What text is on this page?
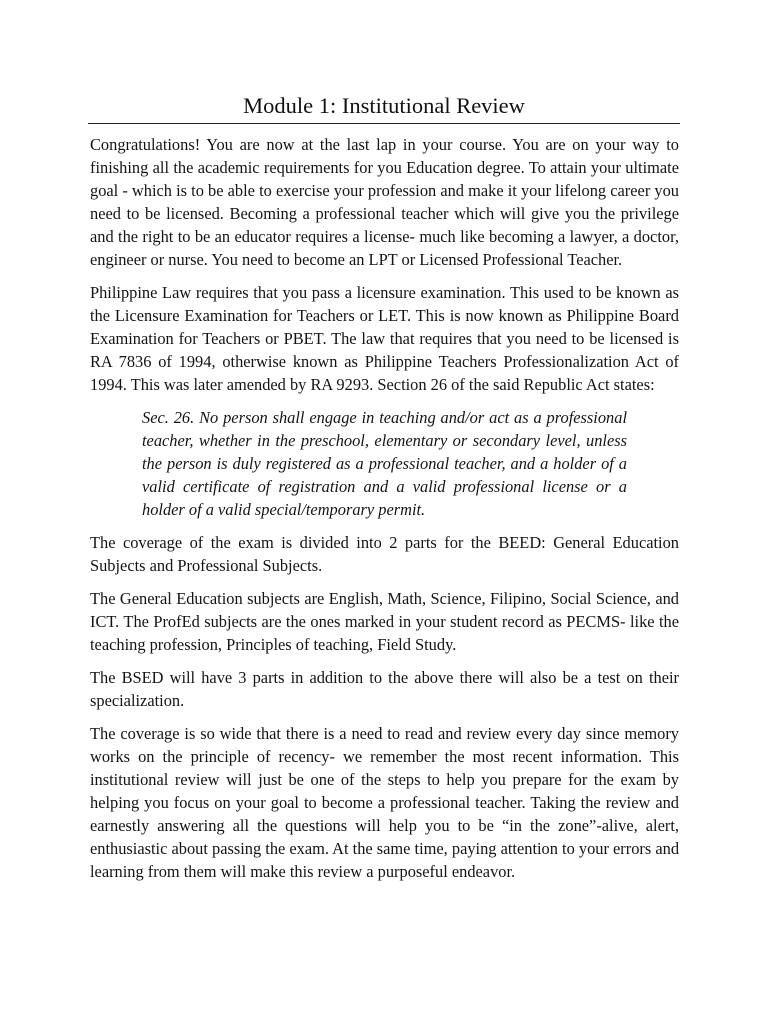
Module 1: Institutional Review

Congratulations! You are now at the last lap in your course. You are on your way to finishing all the academic requirements for you Education degree. To attain your ultimate goal - which is to be able to exercise your profession and make it your lifelong career you need to be licensed. Becoming a professional teacher which will give you the privilege and the right to be an educator requires a license- much like becoming a lawyer, a doctor, engineer or nurse. You need to become an LPT or Licensed Professional Teacher.

Philippine Law requires that you pass a licensure examination. This used to be known as the Licensure Examination for Teachers or LET. This is now known as Philippine Board Examination for Teachers or PBET. The law that requires that you need to be licensed is RA 7836 of 1994, otherwise known as Philippine Teachers Professionalization Act of 1994. This was later amended by RA 9293. Section 26 of the said Republic Act states:

Sec. 26. No person shall engage in teaching and/or act as a professional teacher, whether in the preschool, elementary or secondary level, unless the person is duly registered as a professional teacher, and a holder of a valid certificate of registration and a valid professional license or a holder of a valid special/temporary permit.

The coverage of the exam is divided into 2 parts for the BEED: General Education Subjects and Professional Subjects.

The General Education subjects are English, Math, Science, Filipino, Social Science, and ICT. The ProfEd subjects are the ones marked in your student record as PECMS- like the teaching profession, Principles of teaching, Field Study.

The BSED will have 3 parts in addition to the above there will also be a test on their specialization.

The coverage is so wide that there is a need to read and review every day since memory works on the principle of recency- we remember the most recent information. This institutional review will just be one of the steps to help you prepare for the exam by helping you focus on your goal to become a professional teacher. Taking the review and earnestly answering all the questions will help you to be “in the zone”-alive, alert, enthusiastic about passing the exam. At the same time, paying attention to your errors and learning from them will make this review a purposeful endeavor.
